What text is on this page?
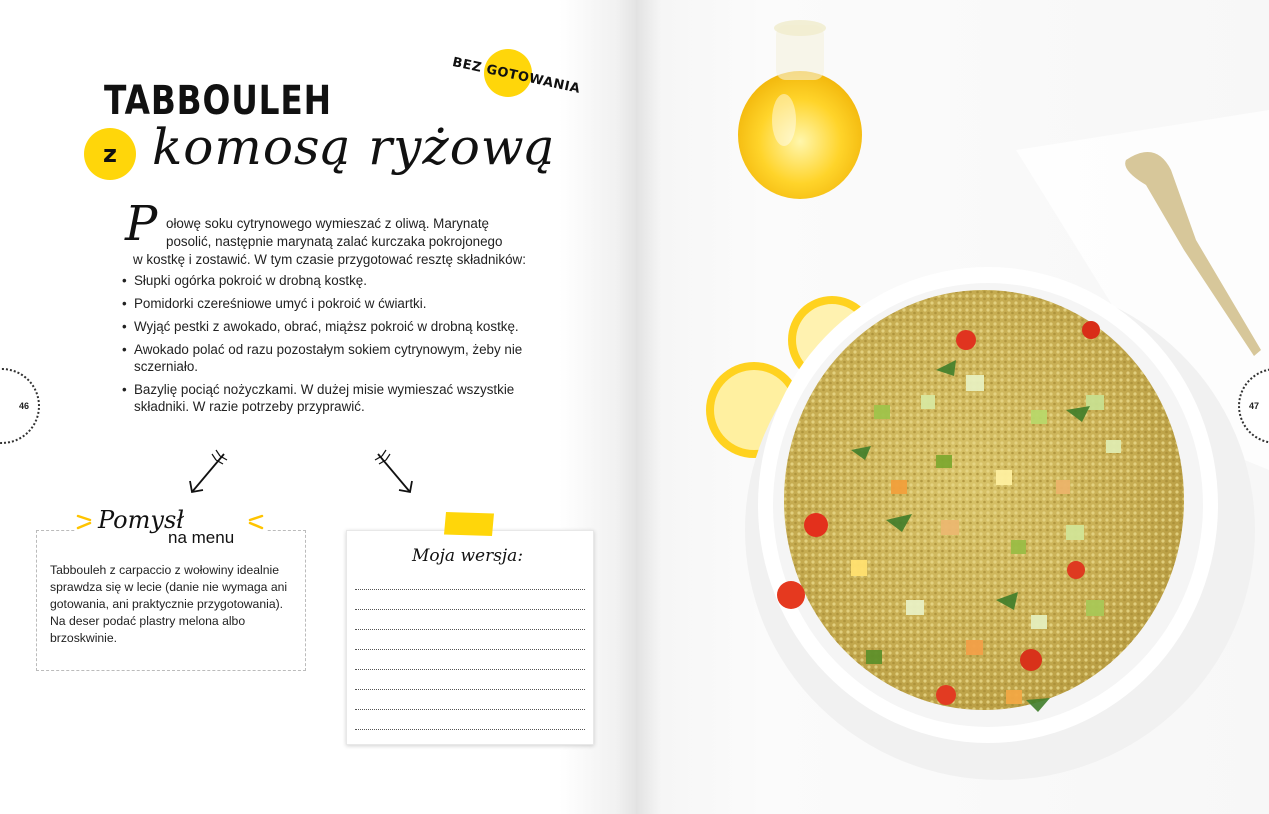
TABBOULEH
z komosą ryżową
BEZ GOTOWANIA
P ołowę soku cytrynowego wymieszać z oliwą. Marynatę
posolić, następnie marynatą zalać kurczaka pokrojonego
w kostkę i zostawić. W tym czasie przygotować resztę składników:
• Słupki ogórka pokroić w drobną kostkę.
• Pomidorki czereśniowe umyć i pokroić w ćwiartki.
• Wyjąć pestki z awokado, obrać, miąższ pokroić w drobną kostkę.
• Awokado polać od razu pozostałym sokiem cytrynowym, żeby nie sczerniało.
• Bazylię pociąć nożyczkami. W dużej misie wymieszać wszystkie składniki. W razie potrzeby przyprawić.
46
Pomysł
na menu
Tabbouleh z carpaccio z wołowiny idealnie sprawdza się w lecie (danie nie wymaga ani gotowania, ani praktycznie przygotowania). Na deser podać plastry melona albo brzoskwinie.
Moja wersja:
47
